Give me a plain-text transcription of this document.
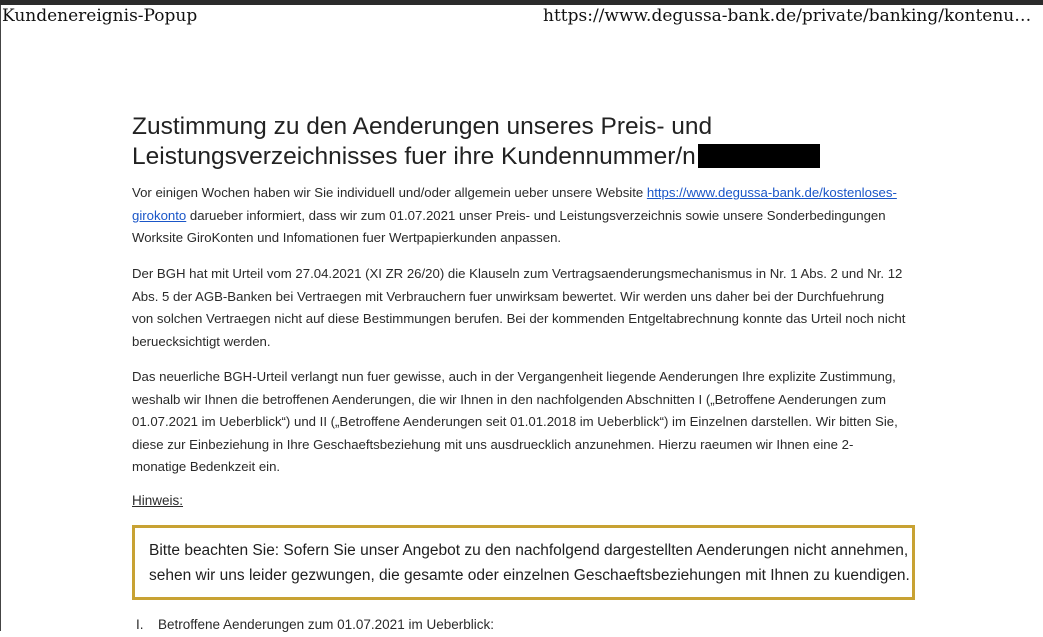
Kundenereignis-Popup	https://www.degussa-bank.de/private/banking/kontenu…
Zustimmung zu den Aenderungen unseres Preis- und
Leistungsverzeichnisses fuer ihre Kundennummer/n

Vor einigen Wochen haben wir Sie individuell und/oder allgemein ueber unsere Website https://www.degussa-bank.de/kostenloses-girokonto darueber informiert, dass wir zum 01.07.2021 unser Preis- und Leistungsverzeichnis sowie unsere Sonderbedingungen Worksite GiroKonten und Infomationen fuer Wertpapierkunden anpassen.

Der BGH hat mit Urteil vom 27.04.2021 (XI ZR 26/20) die Klauseln zum Vertragsaenderungsmechanismus in Nr. 1 Abs. 2 und Nr. 12 Abs. 5 der AGB-Banken bei Vertraegen mit Verbrauchern fuer unwirksam bewertet. Wir werden uns daher bei der Durchfuehrung von solchen Vertraegen nicht auf diese Bestimmungen berufen. Bei der kommenden Entgeltabrechnung konnte das Urteil noch nicht beruecksichtigt werden.

Das neuerliche BGH-Urteil verlangt nun fuer gewisse, auch in der Vergangenheit liegende Aenderungen Ihre explizite Zustimmung, weshalb wir Ihnen die betroffenen Aenderungen, die wir Ihnen in den nachfolgenden Abschnitten I („Betroffene Aenderungen zum 01.07.2021 im Ueberblick“) und II („Betroffene Aenderungen seit 01.01.2018 im Ueberblick“) im Einzelnen darstellen. Wir bitten Sie, diese zur Einbeziehung in Ihre Geschaeftsbeziehung mit uns ausdruecklich anzunehmen. Hierzu raeumen wir Ihnen eine 2-monatige Bedenkzeit ein.

Hinweis:

Bitte beachten Sie: Sofern Sie unser Angebot zu den nachfolgend dargestellten Aenderungen nicht annehmen, sehen wir uns leider gezwungen, die gesamte oder einzelnen Geschaeftsbeziehungen mit Ihnen zu kuendigen.

I. Betroffene Aenderungen zum 01.07.2021 im Ueberblick:
